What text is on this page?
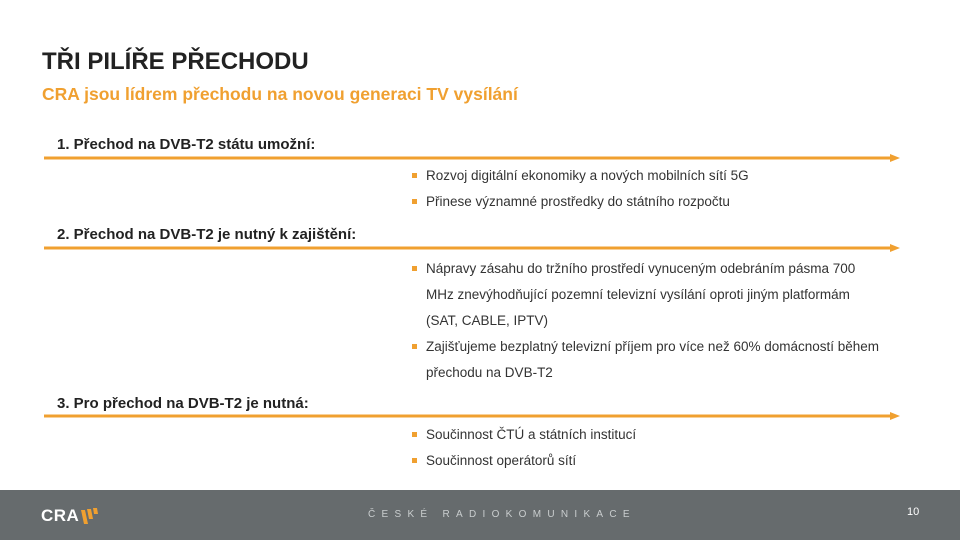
TŘI PILÍŘE PŘECHODU
CRA jsou lídrem přechodu na novou generaci TV vysílání

1. Přechod na DVB-T2 státu umožní:

Rozvoj digitální ekonomiky a nových mobilních sítí 5G
Přinese významné prostředky do státního rozpočtu

2. Přechod na DVB-T2 je nutný k zajištění:

Nápravy zásahu do tržního prostředí vynuceným odebráním pásma 700 MHz znevýhodňující pozemní televizní vysílání oproti jiným platformám (SAT, CABLE, IPTV)
Zajišťujeme bezplatný televizní příjem pro více než 60% domácností během přechodu na DVB-T2

3. Pro přechod na DVB-T2 je nutná:

Součinnost ČTÚ a státních institucí
Součinnost operátorů sítí
CRA	ČESKÉ RADIOKOMUNIKACE	10
